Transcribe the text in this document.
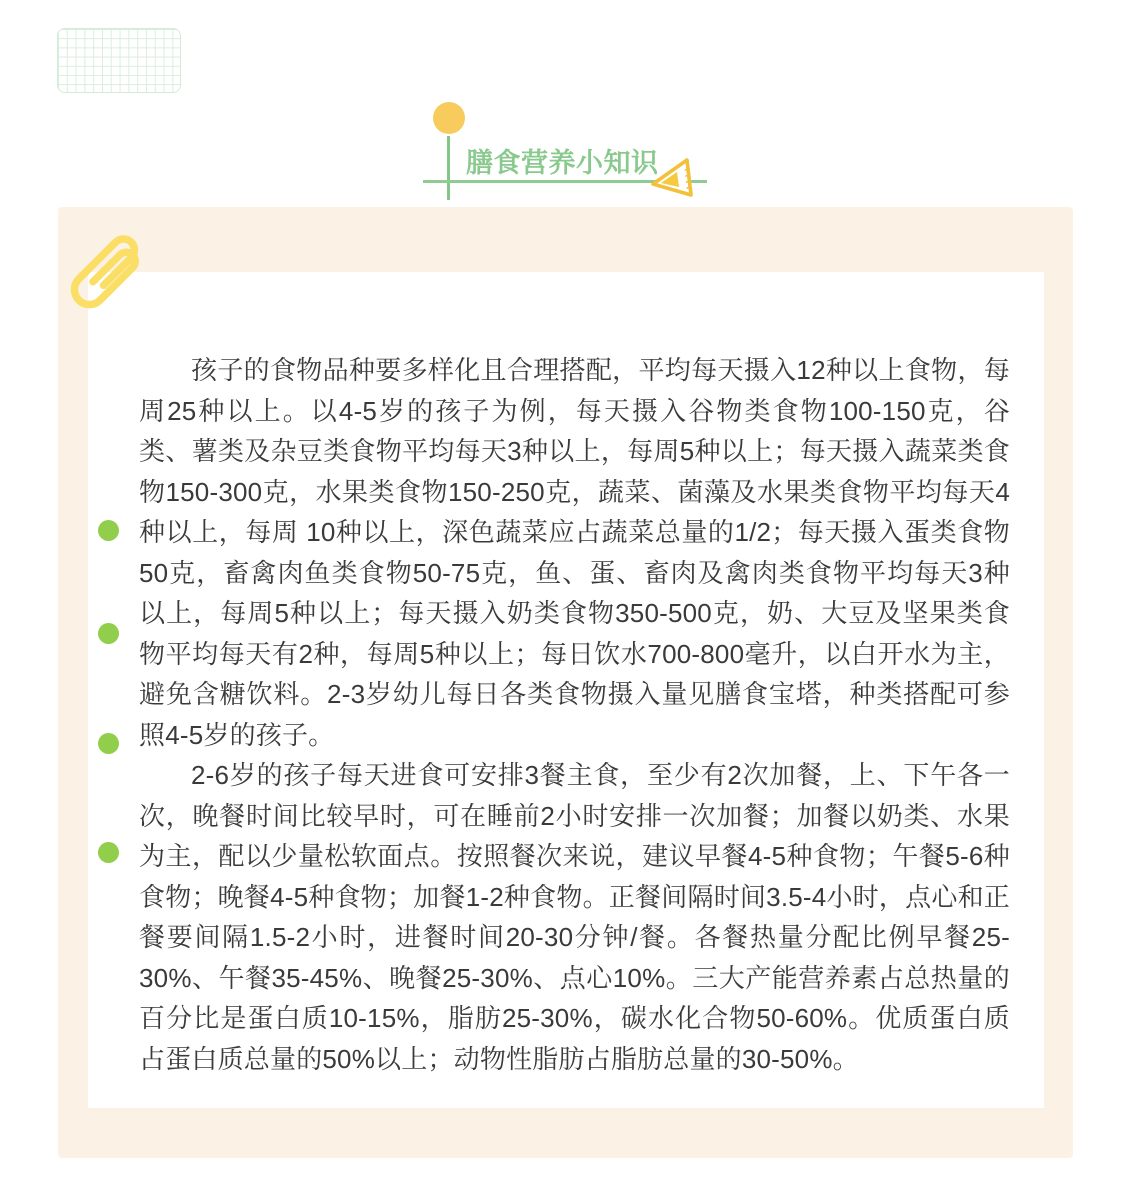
膳食营养小知识

孩子的食物品种要多样化且合理搭配，平均每天摄入12种以上食物，每周25种以上。以4-5岁的孩子为例，每天摄入谷物类食物100-150克，谷类、薯类及杂豆类食物平均每天3种以上，每周5种以上；每天摄入蔬菜类食物150-300克，水果类食物150-250克，蔬菜、菌藻及水果类食物平均每天4种以上，每周 10种以上，深色蔬菜应占蔬菜总量的1/2；每天摄入蛋类食物50克，畜禽肉鱼类食物50-75克，鱼、蛋、畜肉及禽肉类食物平均每天3种以上，每周5种以上；每天摄入奶类食物350-500克，奶、大豆及坚果类食物平均每天有2种，每周5种以上；每日饮水700-800毫升，以白开水为主，避免含糖饮料。2-3岁幼儿每日各类食物摄入量见膳食宝塔，种类搭配可参照4-5岁的孩子。

2-6岁的孩子每天进食可安排3餐主食，至少有2次加餐，上、下午各一次，晚餐时间比较早时，可在睡前2小时安排一次加餐；加餐以奶类、水果为主，配以少量松软面点。按照餐次来说，建议早餐4-5种食物；午餐5-6种食物；晚餐4-5种食物；加餐1-2种食物。正餐间隔时间3.5-4小时，点心和正餐要间隔1.5-2小时，进餐时间20-30分钟/餐。各餐热量分配比例早餐25-30%、午餐35-45%、晚餐25-30%、点心10%。三大产能营养素占总热量的百分比是蛋白质10-15%，脂肪25-30%，碳水化合物50-60%。优质蛋白质占蛋白质总量的50%以上；动物性脂肪占脂肪总量的30-50%。
